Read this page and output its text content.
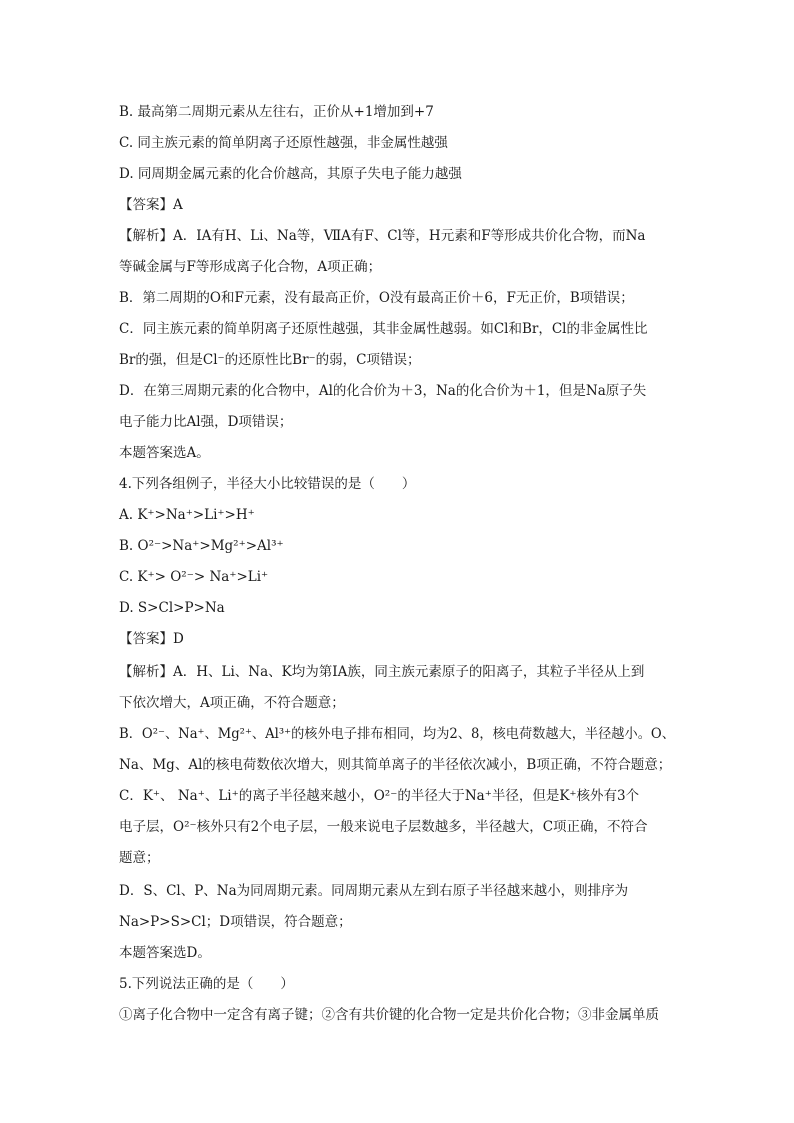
B. 最高第二周期元素从左往右，正价从+1增加到+7
C. 同主族元素的简单阴离子还原性越强，非金属性越强
D. 同周期金属元素的化合价越高，其原子失电子能力越强
【答案】A
【解析】A．ⅠA有H、Li、Na等，ⅦA有F、Cl等，H元素和F等形成共价化合物，而Na
等碱金属与F等形成离子化合物，A项正确；
B．第二周期的O和F元素，没有最高正价，O没有最高正价＋6，F无正价，B项错误；
C．同主族元素的简单阴离子还原性越强，其非金属性越弱。如Cl和Br，Cl的非金属性比
Br的强，但是Cl⁻的还原性比Br⁻的弱，C项错误；
D．在第三周期元素的化合物中，Al的化合价为＋3，Na的化合价为＋1，但是Na原子失
电子能力比Al强，D项错误；
本题答案选A。
4.下列各组例子，半径大小比较错误的是（　　）
A. K⁺>Na⁺>Li⁺>H⁺
B. O²⁻>Na⁺>Mg²⁺>Al³⁺
C. K⁺> O²⁻> Na⁺>Li⁺
D. S>Cl>P>Na
【答案】D
【解析】A．H、Li、Na、K均为第ⅠA族，同主族元素原子的阳离子，其粒子半径从上到
下依次增大，A项正确，不符合题意；
B．O²⁻、Na⁺、Mg²⁺、Al³⁺的核外电子排布相同，均为2、8，核电荷数越大，半径越小。O、
Na、Mg、Al的核电荷数依次增大，则其简单离子的半径依次减小，B项正确，不符合题意；
C．K⁺、 Na⁺、Li⁺的离子半径越来越小，O²⁻的半径大于Na⁺半径，但是K⁺核外有3个
电子层，O²⁻核外只有2个电子层，一般来说电子层数越多，半径越大，C项正确，不符合
题意；
D．S、Cl、P、Na为同周期元素。同周期元素从左到右原子半径越来越小，则排序为
Na>P>S>Cl；D项错误，符合题意；
本题答案选D。
5.下列说法正确的是（　　）
①离子化合物中一定含有离子键；②含有共价键的化合物一定是共价化合物；③非金属单质
